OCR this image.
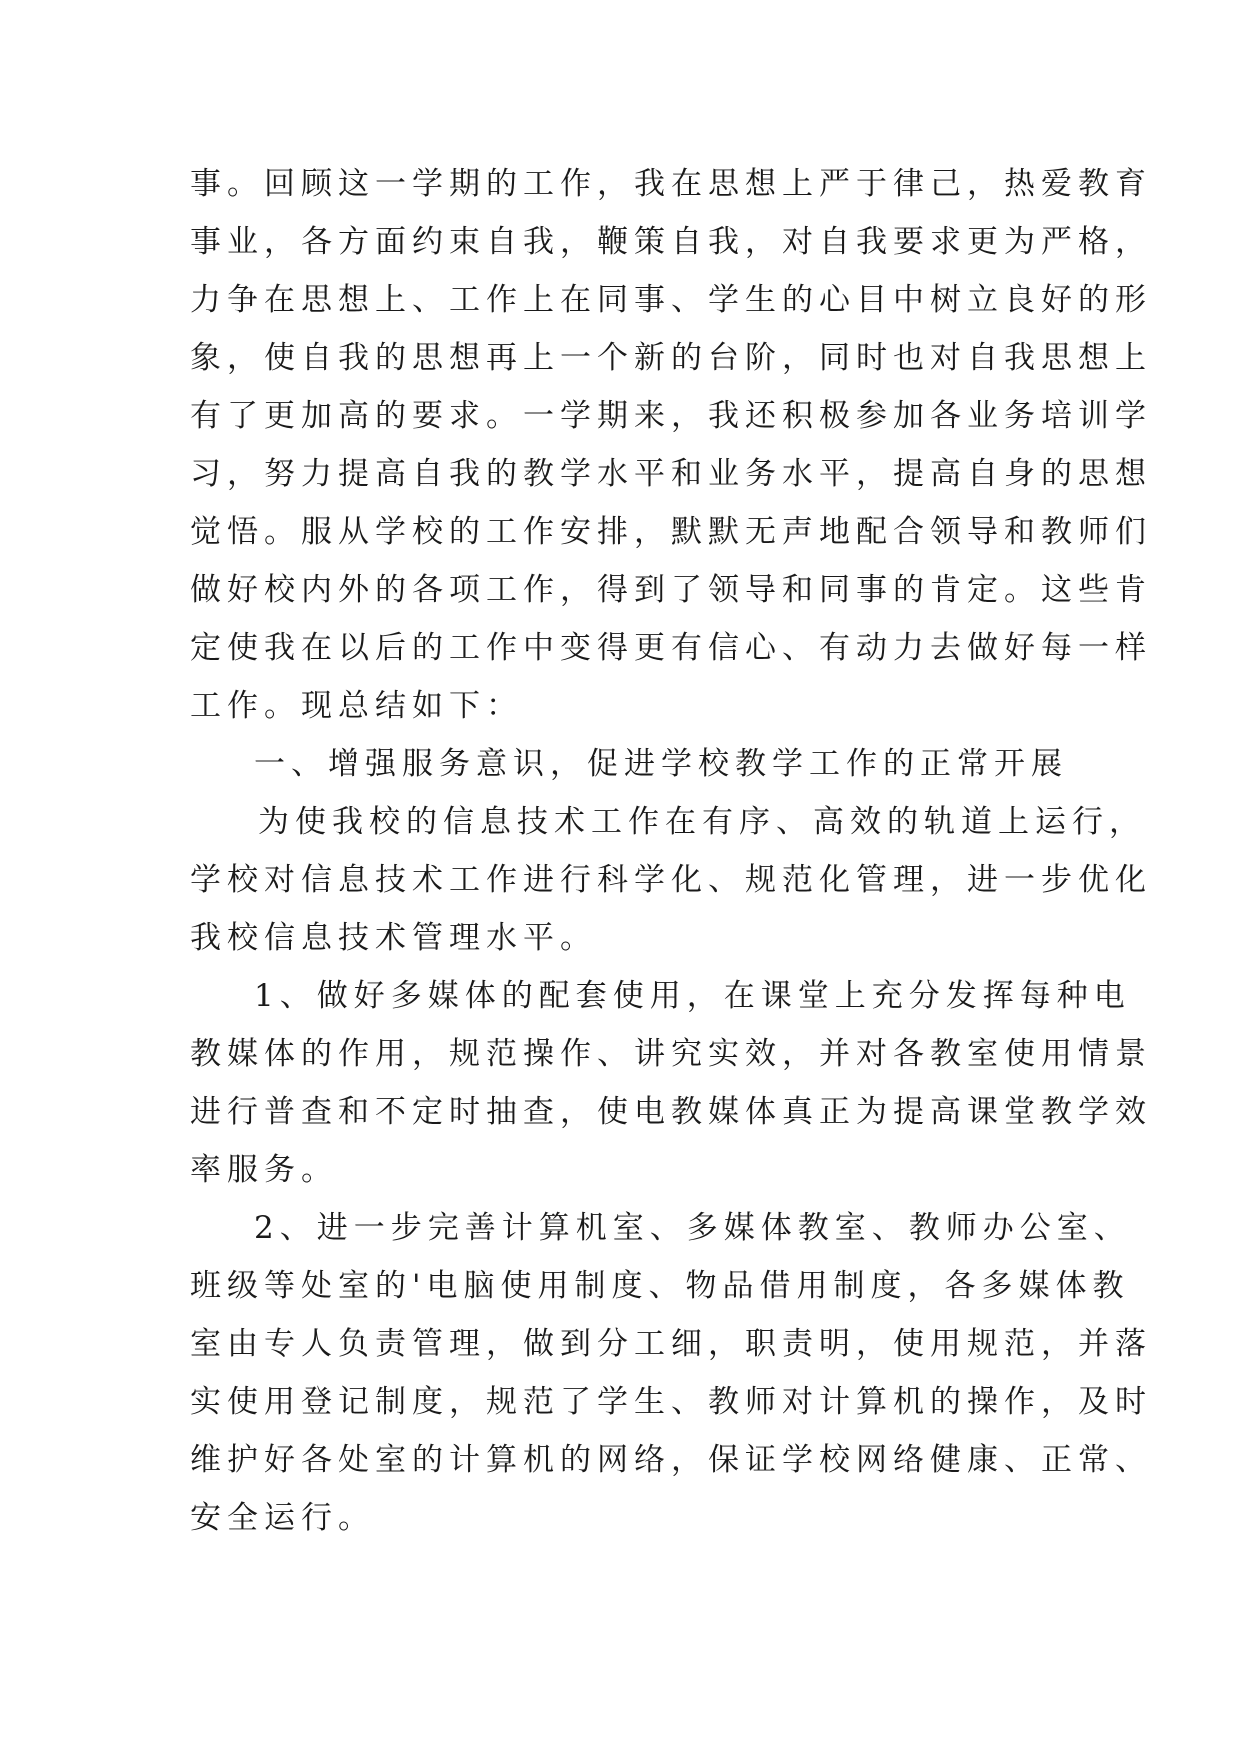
事。回顾这一学期的工作，我在思想上严于律己，热爱教育
事业，各方面约束自我，鞭策自我，对自我要求更为严格，
力争在思想上、工作上在同事、学生的心目中树立良好的形
象，使自我的思想再上一个新的台阶，同时也对自我思想上
有了更加高的要求。一学期来，我还积极参加各业务培训学
习，努力提高自我的教学水平和业务水平，提高自身的思想
觉悟。服从学校的工作安排，默默无声地配合领导和教师们
做好校内外的各项工作，得到了领导和同事的肯定。这些肯
定使我在以后的工作中变得更有信心、有动力去做好每一样
工作。现总结如下：
一、增强服务意识，促进学校教学工作的正常开展
为使我校的信息技术工作在有序、高效的轨道上运行，
学校对信息技术工作进行科学化、规范化管理，进一步优化
我校信息技术管理水平。
1、做好多媒体的配套使用，在课堂上充分发挥每种电
教媒体的作用，规范操作、讲究实效，并对各教室使用情景
进行普查和不定时抽查，使电教媒体真正为提高课堂教学效
率服务。
2、进一步完善计算机室、多媒体教室、教师办公室、
班级等处室的'电脑使用制度、物品借用制度，各多媒体教
室由专人负责管理，做到分工细，职责明，使用规范，并落
实使用登记制度，规范了学生、教师对计算机的操作，及时
维护好各处室的计算机的网络，保证学校网络健康、正常、
安全运行。
